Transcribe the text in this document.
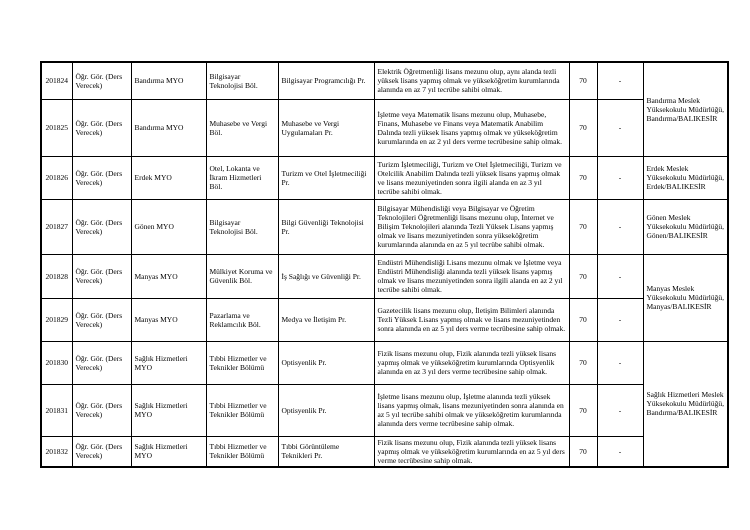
201824	Öğr. Gör. (Ders Verecek)	Bandırma MYO	Bilgisayar Teknolojisi Böl.	Bilgisayar Programcılığı Pr.	Elektrik Öğretmenliği lisans mezunu olup, aynı alanda tezli yüksek lisans yapmış olmak ve yükseköğretim kurumlarında alanında en az 7 yıl tecrübe sahibi olmak.	70	-	Bandırma Meslek Yüksekokulu Müdürlüğü, Bandırma/BALIKESİR
201825	Öğr. Gör. (Ders Verecek)	Bandırma MYO	Muhasebe ve Vergi Böl.	Muhasebe ve Vergi Uygulamaları Pr.	İşletme veya Matematik lisans mezunu olup, Muhasebe, Finans, Muhasebe ve Finans veya Matematik Anabilim Dalında tezli yüksek lisans yapmış olmak ve yükseköğretim kurumlarında en az 2 yıl ders verme tecrübesine sahip olmak.	70	-	
201826	Öğr. Gör. (Ders Verecek)	Erdek MYO	Otel, Lokanta ve İkram Hizmetleri Böl.	Turizm ve Otel İşletmeciliği Pr.	Turizm İşletmeciliği, Turizm ve Otel İşletmeciliği, Turizm ve Otelcilik Anabilim Dalında tezli yüksek lisans yapmış olmak ve lisans mezuniyetinden sonra ilgili alanda en az 3 yıl tecrübe sahibi olmak.	70	-	Erdek Meslek Yüksekokulu Müdürlüğü, Erdek/BALIKESİR
201827	Öğr. Gör. (Ders Verecek)	Gönen MYO	Bilgisayar Teknolojisi Böl.	Bilgi Güvenliği Teknolojisi Pr.	Bilgisayar Mühendisliği veya Bilgisayar ve Öğretim Teknolojileri Öğretmenliği lisans mezunu olup, İnternet ve Bilişim Teknolojileri alanında Tezli Yüksek Lisans yapmış olmak ve lisans mezuniyetinden sonra yükseköğretim kurumlarında alanında en az 5 yıl tecrübe sahibi olmak.	70	-	Gönen Meslek Yüksekokulu Müdürlüğü, Gönen/BALIKESİR
201828	Öğr. Gör. (Ders Verecek)	Manyas MYO	Mülkiyet Koruma ve Güvenlik Böl.	İş Sağlığı ve Güvenliği Pr.	Endüstri Mühendisliği Lisans mezunu olmak ve İşletme veya Endüstri Mühendisliği alanında tezli yüksek lisans yapmış olmak ve lisans mezuniyetinden sonra ilgili alanda en az 2 yıl tecrübe sahibi olmak.	70	-	Manyas Meslek Yüksekokulu Müdürlüğü, Manyas/BALIKESİR
201829	Öğr. Gör. (Ders Verecek)	Manyas MYO	Pazarlama ve Reklamcılık Böl.	Medya ve İletişim Pr.	Gazetecilik lisans mezunu olup, İletişim Bilimleri alanında Tezli Yüksek Lisans yapmış olmak ve lisans mezuniyetinden sonra alanında en az 5 yıl ders verme tecrübesine sahip olmak.	70	-	
201830	Öğr. Gör. (Ders Verecek)	Sağlık Hizmetleri MYO	Tıbbi Hizmetler ve Teknikler Bölümü	Optisyenlik Pr.	Fizik lisans mezunu olup, Fizik alanında tezli yüksek lisans yapmış olmak ve yükseköğretim kurumlarında Optisyenlik alanında en az 3 yıl ders verme tecrübesine sahip olmak.	70	-	Sağlık Hizmetleri Meslek Yüksekokulu Müdürlüğü, Bandırma/BALIKESİR
201831	Öğr. Gör. (Ders Verecek)	Sağlık Hizmetleri MYO	Tıbbi Hizmetler ve Teknikler Bölümü	Optisyenlik Pr.	İşletme lisans mezunu olup, İşletme alanında tezli yüksek lisans yapmış olmak, lisans mezuniyetinden sonra alanında en az 5 yıl tecrübe sahibi olmak ve yükseköğretim kurumlarında alanında ders verme tecrübesine sahip olmak.	70	-	
201832	Öğr. Gör. (Ders Verecek)	Sağlık Hizmetleri MYO	Tıbbi Hizmetler ve Teknikler Bölümü	Tıbbi Görüntüleme Teknikleri Pr.	Fizik lisans mezunu olup, Fizik alanında tezli yüksek lisans yapmış olmak ve yükseköğretim kurumlarında en az 5 yıl ders verme tecrübesine sahip olmak.	70	-	
